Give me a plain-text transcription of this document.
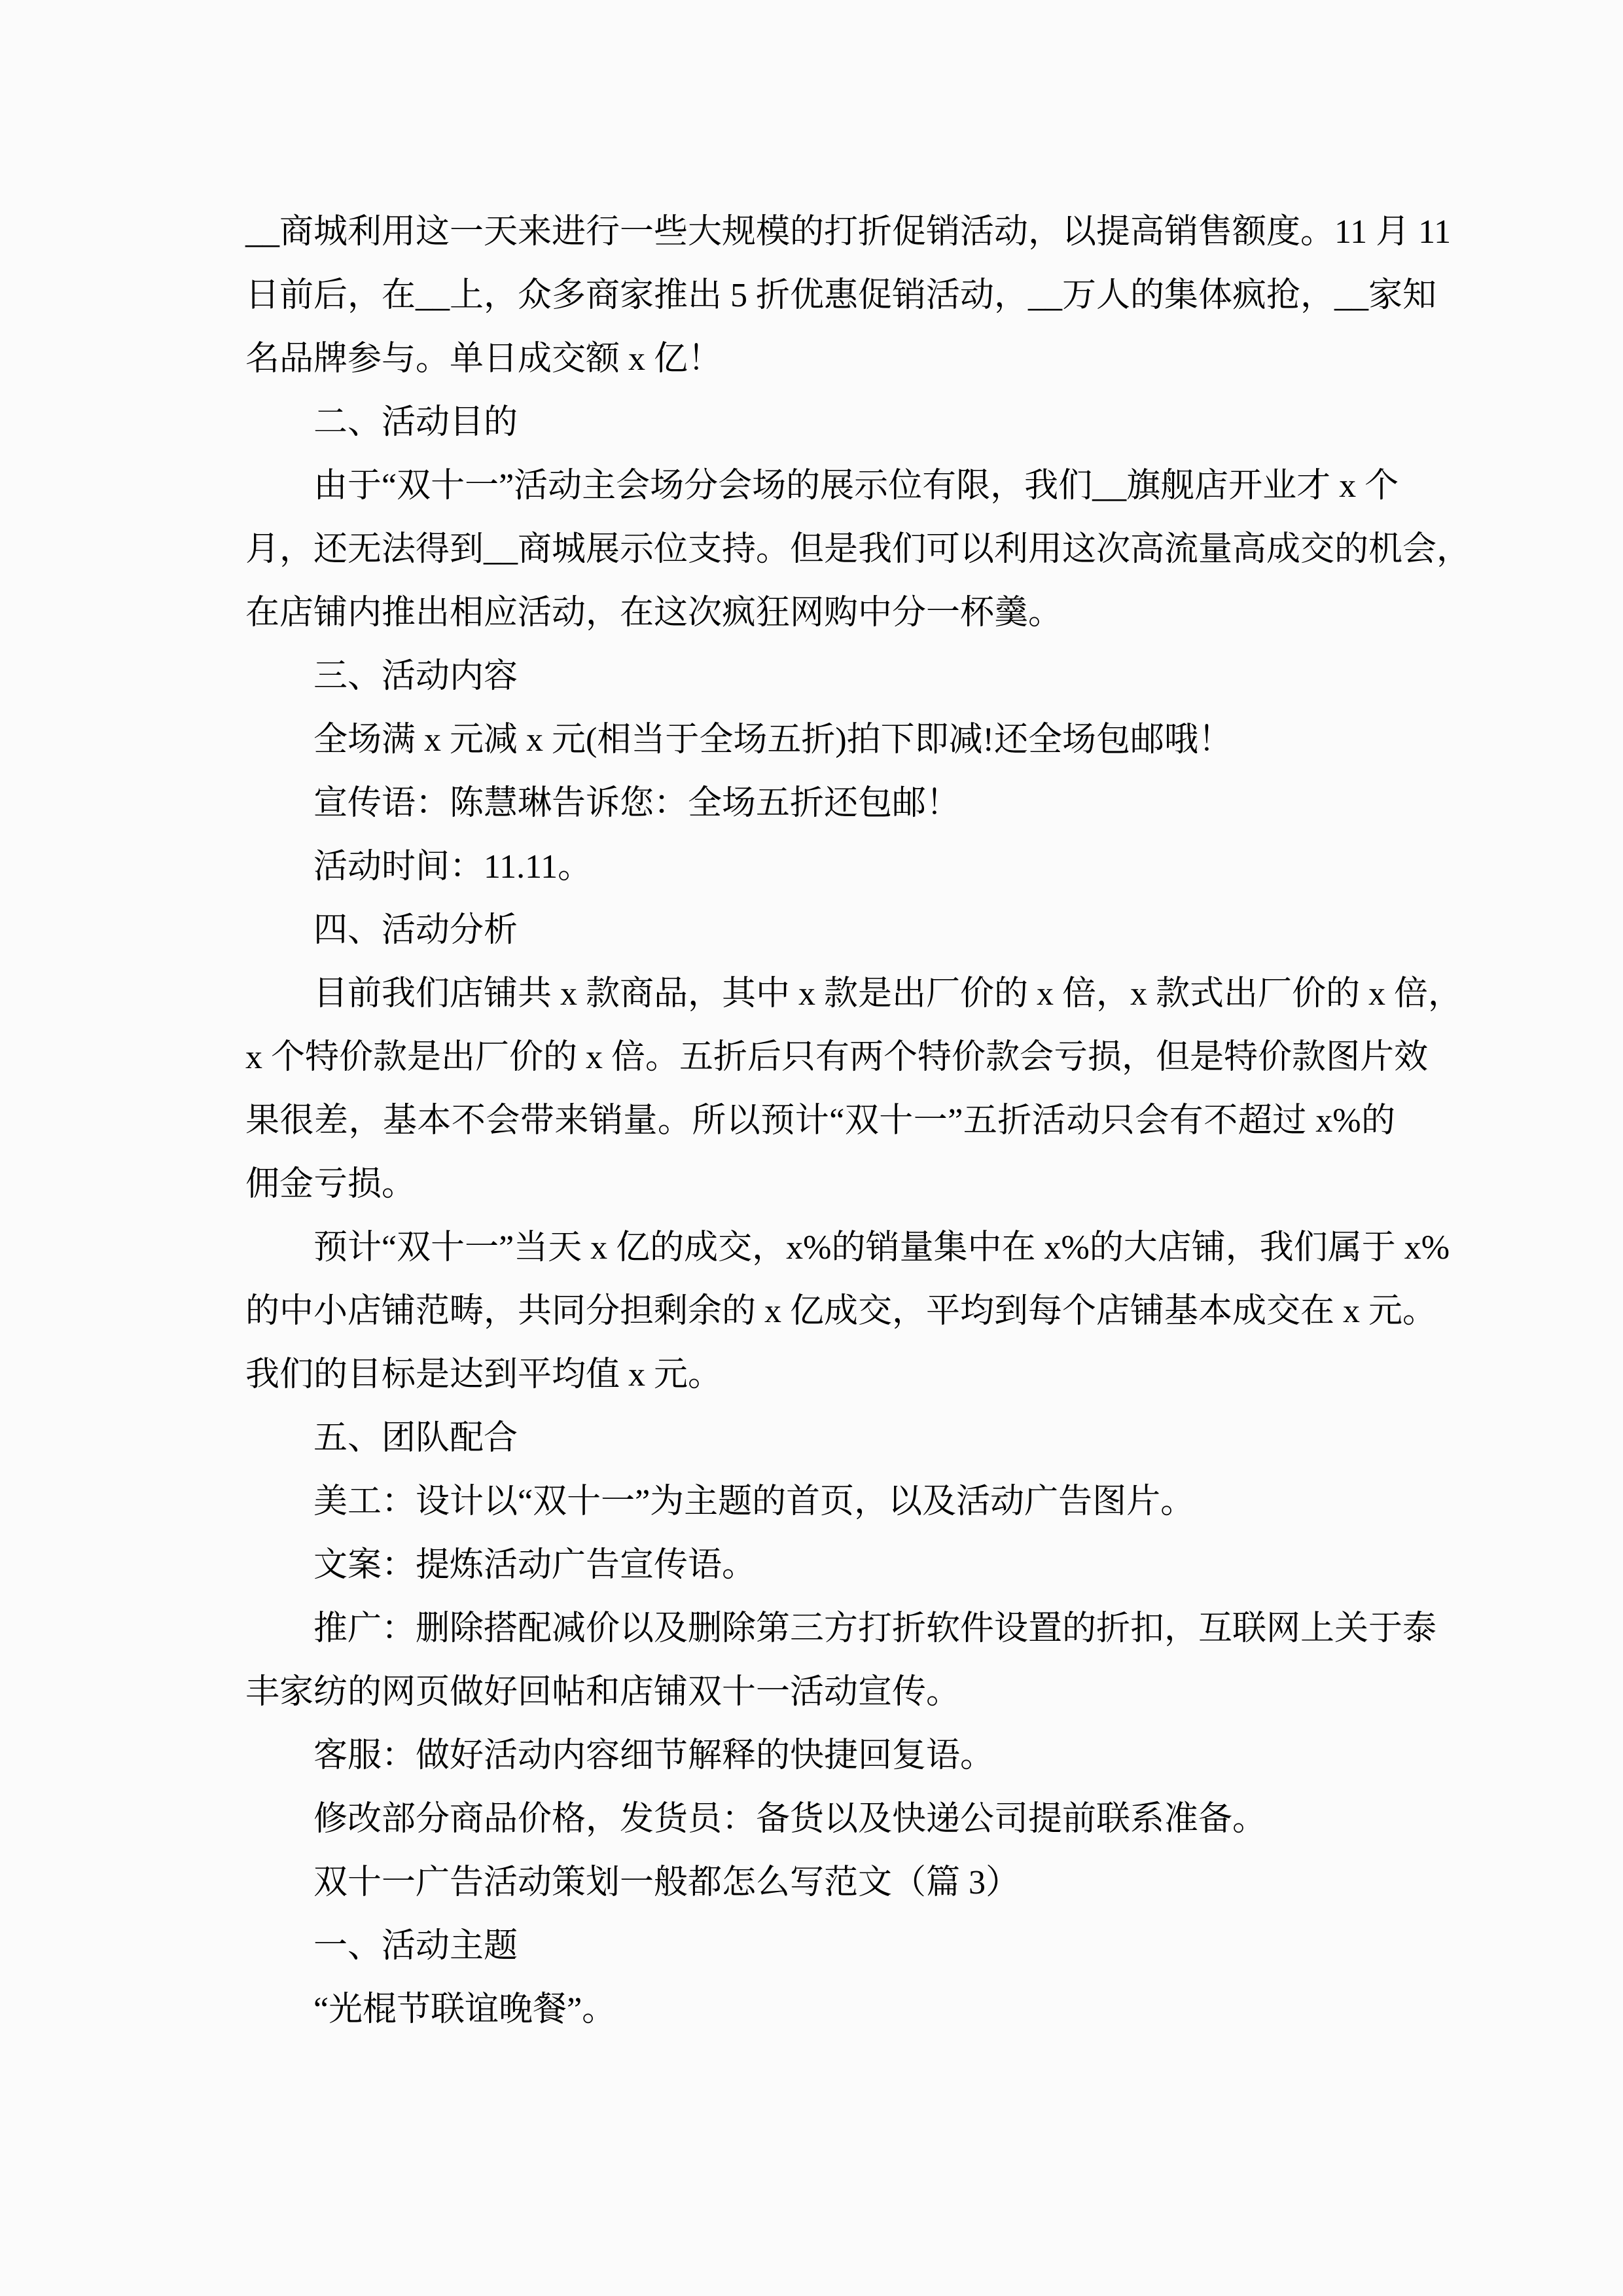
__商城利用这一天来进行一些大规模的打折促销活动，以提高销售额度。11 月 11
日前后，在__上，众多商家推出 5 折优惠促销活动，__万人的集体疯抢，__家知
名品牌参与。单日成交额 x 亿！
二、活动目的
由于“双十一”活动主会场分会场的展示位有限，我们__旗舰店开业才 x 个
月，还无法得到__商城展示位支持。但是我们可以利用这次高流量高成交的机会，
在店铺内推出相应活动，在这次疯狂网购中分一杯羹。
三、活动内容
全场满 x 元减 x 元(相当于全场五折)拍下即减!还全场包邮哦！
宣传语：陈慧琳告诉您：全场五折还包邮！
活动时间：11.11。
四、活动分析
目前我们店铺共 x 款商品，其中 x 款是出厂价的 x 倍，x 款式出厂价的 x 倍，
x 个特价款是出厂价的 x 倍。五折后只有两个特价款会亏损，但是特价款图片效
果很差，基本不会带来销量。所以预计“双十一”五折活动只会有不超过 x%的
佣金亏损。
预计“双十一”当天 x 亿的成交，x%的销量集中在 x%的大店铺，我们属于 x%
的中小店铺范畴，共同分担剩余的 x 亿成交，平均到每个店铺基本成交在 x 元。
我们的目标是达到平均值 x 元。
五、团队配合
美工：设计以“双十一”为主题的首页，以及活动广告图片。
文案：提炼活动广告宣传语。
推广：删除搭配减价以及删除第三方打折软件设置的折扣，互联网上关于泰
丰家纺的网页做好回帖和店铺双十一活动宣传。
客服：做好活动内容细节解释的快捷回复语。
修改部分商品价格，发货员：备货以及快递公司提前联系准备。
双十一广告活动策划一般都怎么写范文（篇 3）
一、活动主题
“光棍节联谊晚餐”。
